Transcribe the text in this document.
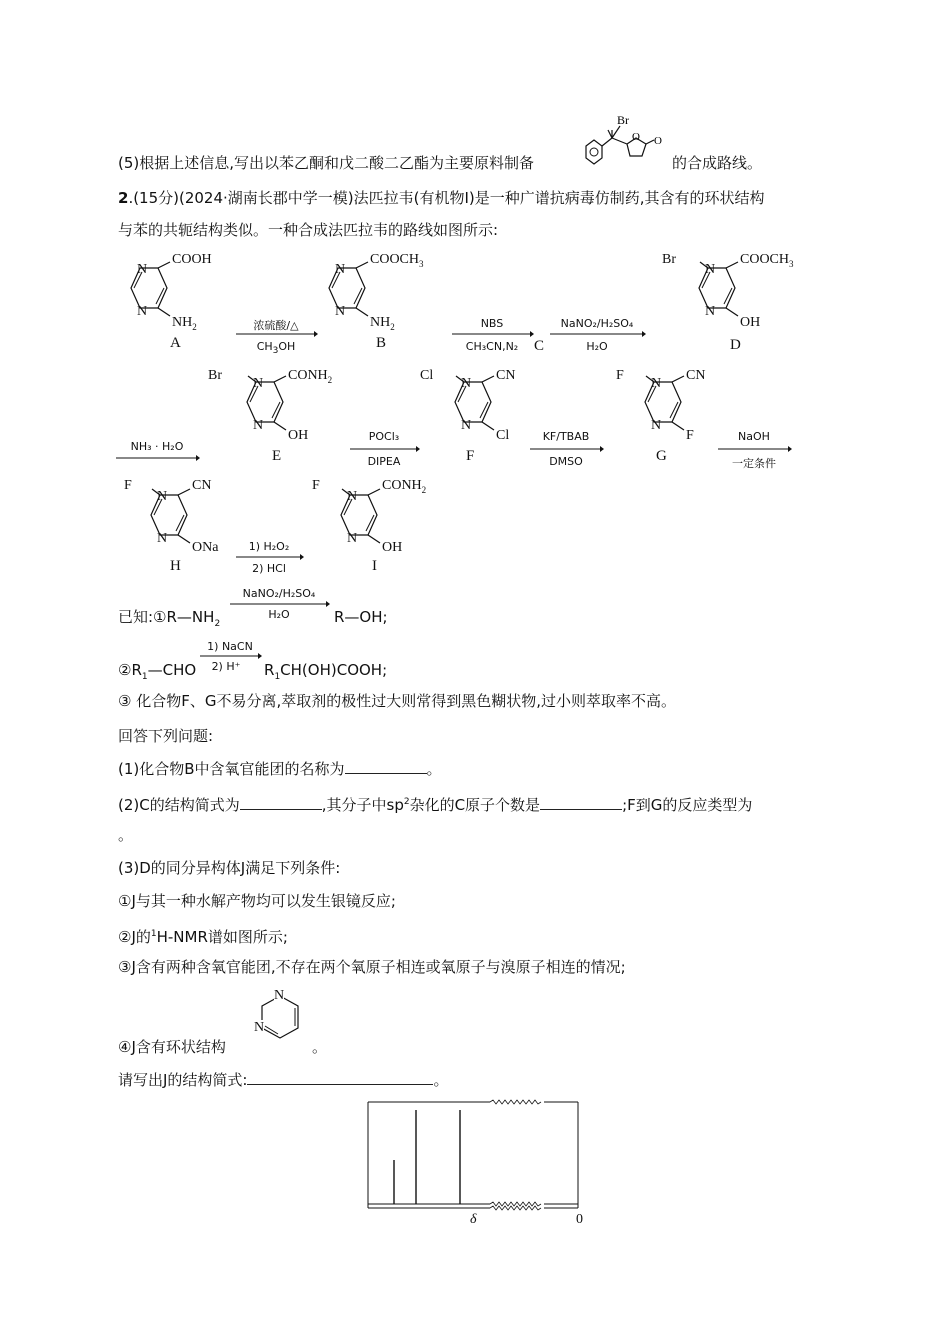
(5)根据上述信息,写出以苯乙酮和戊二酸二乙酯为主要原料制备
Br
O O
的合成路线。
2.(15分)(2024·湖南长郡中学一模)法匹拉韦(有机物I)是一种广谱抗病毒仿制药,其含有的环状结构
与苯的共轭结构类似。一种合成法匹拉韦的路线如图所示:
N
N
COOH
$NH_2$
A
浓硫酸/△
$CH_3OH$
N
N
$COOCH_3$
$NH_2$
B
NBS
CH₃CN,N₂	C
NaNO₂/H₂SO₄
H₂O
Br
N
N
$COOCH_3$
OH
D
NH₃ · H₂O
Br
N
N
$CONH_2$
OH
E
POCl₃
DIPEA
Cl
N
N
CN
Cl
F
KF/TBAB
DMSO
F
N
N
CN
F
G
NaOH
一定条件
F
N
N
CN
ONa
H
1) H₂O₂
2) HCl
F
N
N
$CONH_2$
OH
I
NaNO₂/H₂SO₄
H₂O
已知$:①R—NH_2$	R—OH;
1) NaCN
2) H⁺
$②R_1—CHO$	$R_1CH(OH)COOH$;
③ 化合物F、G不易分离,萃取剂的极性过大则常得到黑色糊状物,过小则萃取率不高。
回答下列问题:
(1)化合物B中含氧官能团的名称为	。
(2)C的结构简式为	,其分子中$sp^2$杂化的C原子个数是	;F到G的反应类型为
。
(3)D的同分异构体J满足下列条件:
①J与其一种水解产物均可以发生银镜反应;
②J的$^1$H-NMR谱如图所示;
③J含有两种含氧官能团,不存在两个氧原子相连或氧原子与溴原子相连的情况;
N
N
④J含有环状结构	。
请写出J的结构简式:	。
δ	0
